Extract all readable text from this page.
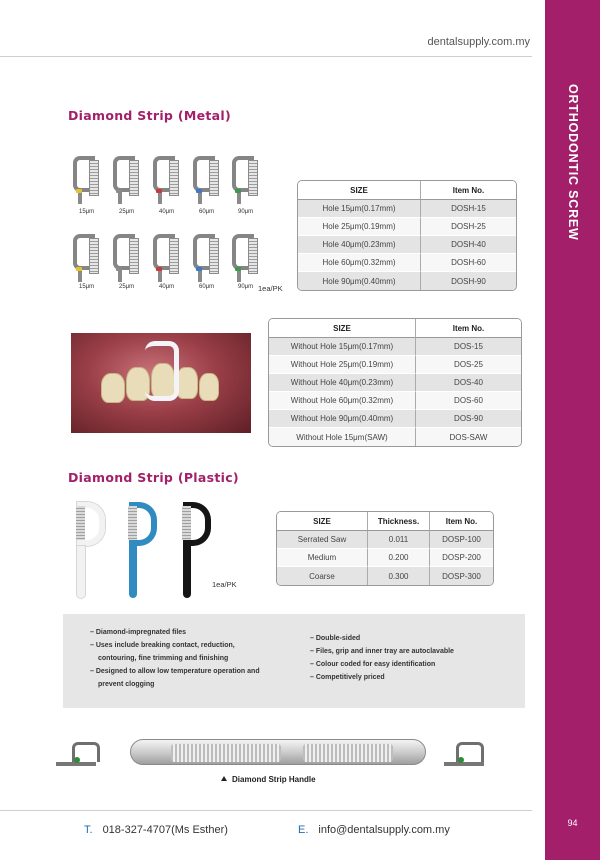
dentalsupply.com.my
ORTHODONTIC SCREW
94
Diamond Strip (Metal)
15μm	25μm	40μm	60μm	90μm
15μm	25μm	40μm	60μm	90μm 1ea/PK
SIZE	Item No.
Hole 15μm(0.17mm)	DOSH-15
Hole 25μm(0.19mm)	DOSH-25
Hole 40μm(0.23mm)	DOSH-40
Hole 60μm(0.32mm)	DOSH-60
Hole 90μm(0.40mm)	DOSH-90
SIZE	Item No.
Without Hole 15μm(0.17mm)	DOS-15
Without Hole 25μm(0.19mm)	DOS-25
Without Hole 40μm(0.23mm)	DOS-40
Without Hole 60μm(0.32mm)	DOS-60
Without Hole 90μm(0.40mm)	DOS-90
Without Hole 15μm(SAW)	DOS-SAW
Diamond Strip (Plastic)
1ea/PK
SIZE	Thickness.	Item No.
Serrated Saw	0.011	DOSP-100
Medium	0.200	DOSP-200
Coarse	0.300	DOSP-300
– Diamond-impregnated files
– Uses include breaking contact, reduction, contouring, fine trimming and finishing
– Designed to allow low temperature operation and prevent clogging
– Double-sided
– Files, grip and inner tray are autoclavable
– Colour coded for easy identification
– Competitively priced
Diamond Strip Handle
T. 018-327-4707(Ms Esther)	E. info@dentalsupply.com.my
